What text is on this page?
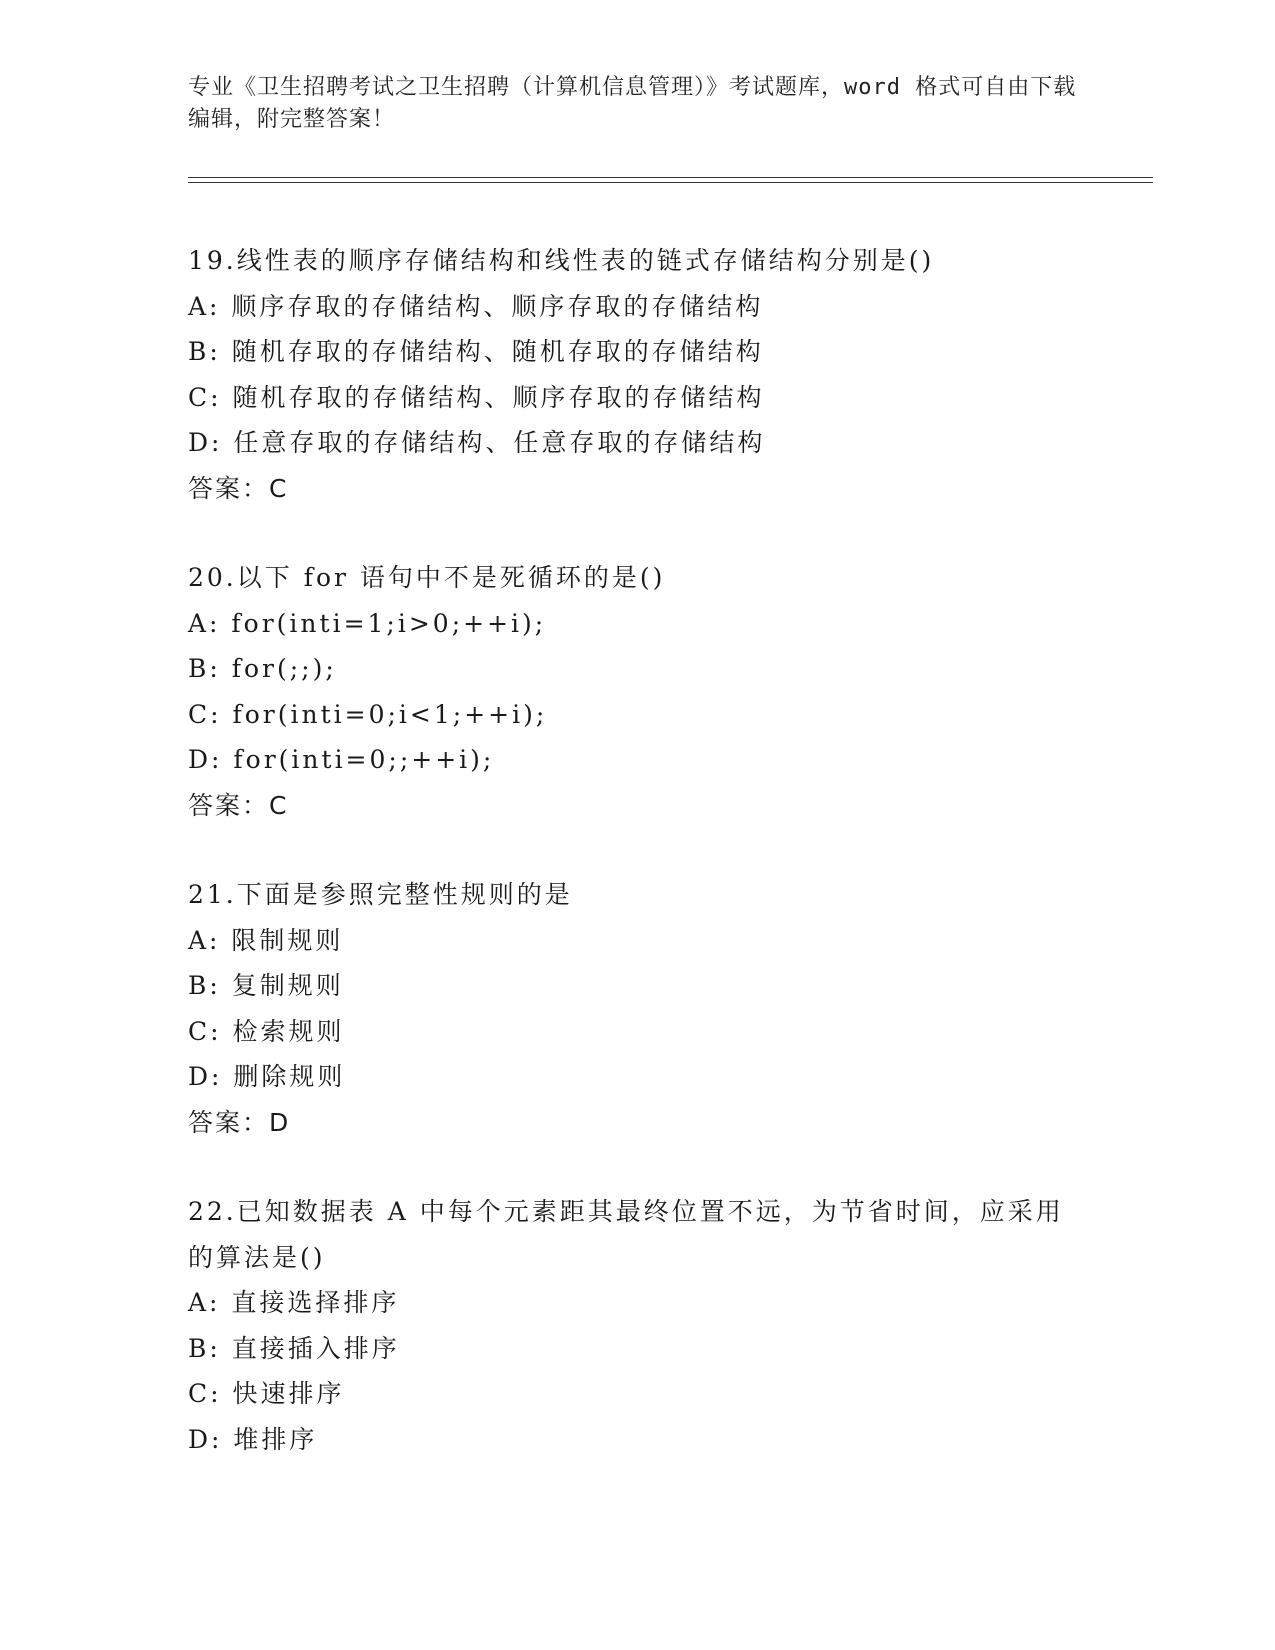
专业《卫生招聘考试之卫生招聘（计算机信息管理）》考试题库，word 格式可自由下载编辑，附完整答案！
19.线性表的顺序存储结构和线性表的链式存储结构分别是()
A: 顺序存取的存储结构、顺序存取的存储结构
B: 随机存取的存储结构、随机存取的存储结构
C: 随机存取的存储结构、顺序存取的存储结构
D: 任意存取的存储结构、任意存取的存储结构
答案：C
20.以下 for 语句中不是死循环的是()
A: for(inti=1;i>0;++i);
B: for(;;);
C: for(inti=0;i<1;++i);
D: for(inti=0;;++i);
答案：C
21.下面是参照完整性规则的是
A: 限制规则
B: 复制规则
C: 检索规则
D: 删除规则
答案：D
22.已知数据表 A 中每个元素距其最终位置不远，为节省时间，应采用的算法是()
A: 直接选择排序
B: 直接插入排序
C: 快速排序
D: 堆排序
